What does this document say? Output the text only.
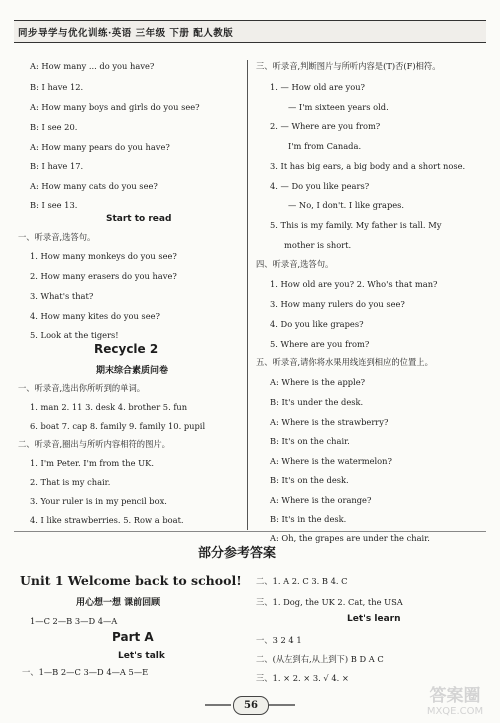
同步导学与优化训练·英语 三年级 下册 配人教版
A: How many ... do you have?
B: I have 12.
A: How many boys and girls do you see?
B: I see 20.
A: How many pears do you have?
B: I have 17.
A: How many cats do you see?
B: I see 13.
Start to read
一、听录音,选答句。
1. How many monkeys do you see?
2. How many erasers do you have?
3. What's that?
4. How many kites do you see?
5. Look at the tigers!
Recycle 2
期末综合素质问卷
一、听录音,选出你所听到的单词。
1. man 2. 11 3. desk 4. brother 5. fun
6. boat 7. cap 8. family 9. family 10. pupil
二、听录音,圈出与所听内容相符的图片。
1. I'm Peter. I'm from the UK.
2. That is my chair.
3. Your ruler is in my pencil box.
4. I like strawberries. 5. Row a boat.
三、听录音,判断图片与所听内容是(T)否(F)相符。
1. — How old are you?
— I'm sixteen years old.
2. — Where are you from?
I'm from Canada.
3. It has big ears, a big body and a short nose.
4. — Do you like pears?
— No, I don't. I like grapes.
5. This is my family. My father is tall. My
mother is short.
四、听录音,选答句。
1. How old are you? 2. Who's that man?
3. How many rulers do you see?
4. Do you like grapes?
5. Where are you from?
五、听录音,请你将水果用线连到相应的位置上。
A: Where is the apple?
B: It's under the desk.
A: Where is the strawberry?
B: It's on the chair.
A: Where is the watermelon?
B: It's on the desk.
A: Where is the orange?
B: It's in the desk.
A: Oh, the grapes are under the chair.
部分参考答案
Unit 1 Welcome back to school!
用心想一想 课前回顾
1—C 2—B 3—D 4—A
Part A
Let's talk
一、1—B 2—C 3—D 4—A 5—E
二、1. A 2. C 3. B 4. C
三、1. Dog, the UK 2. Cat, the USA
Let's learn
一、3 2 4 1
二、(从左到右,从上到下) B D A C
三、1. × 2. × 3. √ 4. ×
56	答案圈
MXQE.COM
